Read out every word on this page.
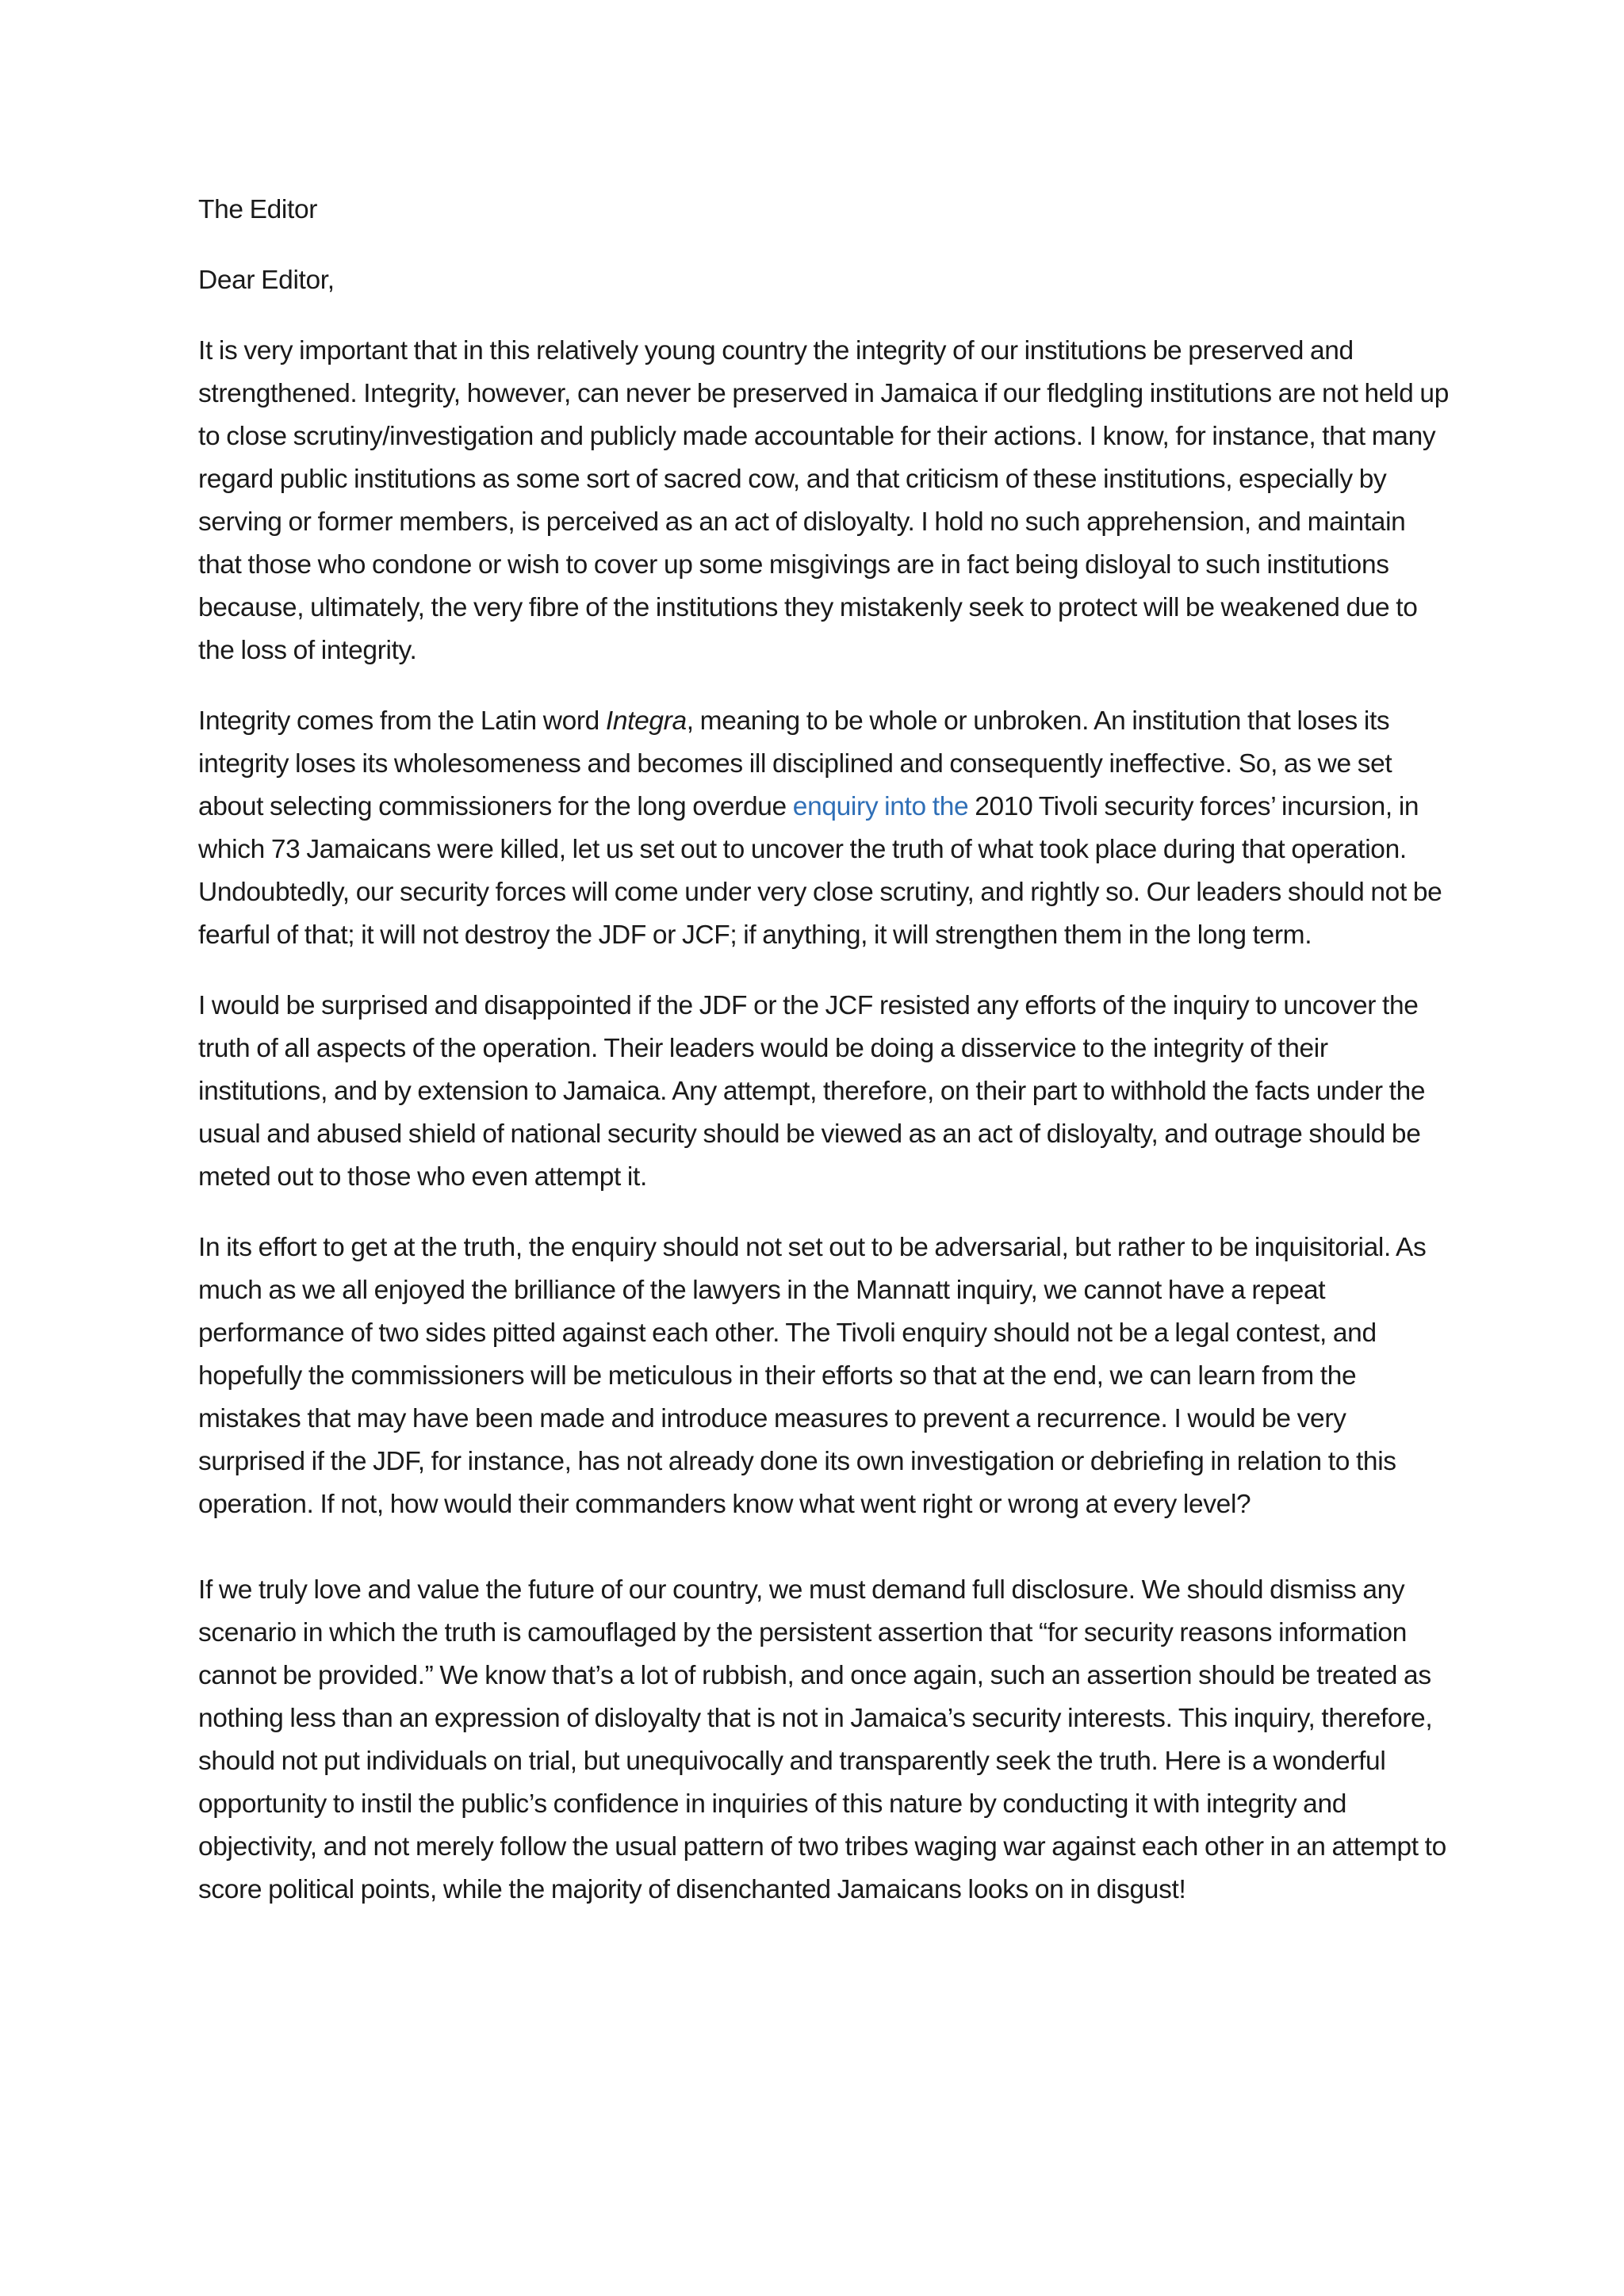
The Editor

Dear Editor,

It is very important that in this relatively young country the integrity of our institutions be preserved and strengthened. Integrity, however, can never be preserved in Jamaica if our fledgling institutions are not held up to close scrutiny/investigation and publicly made accountable for their actions. I know, for instance, that many regard public institutions as some sort of sacred cow, and that criticism of these institutions, especially by serving or former members, is perceived as an act of disloyalty. I hold no such apprehension, and maintain that those who condone or wish to cover up some misgivings are in fact being disloyal to such institutions because, ultimately, the very fibre of the institutions they mistakenly seek to protect will be weakened due to the loss of integrity.

Integrity comes from the Latin word Integra, meaning to be whole or unbroken. An institution that loses its integrity loses its wholesomeness and becomes ill disciplined and consequently ineffective. So, as we set about selecting commissioners for the long overdue enquiry into the 2010 Tivoli security forces’ incursion, in which 73 Jamaicans were killed, let us set out to uncover the truth of what took place during that operation. Undoubtedly, our security forces will come under very close scrutiny, and rightly so. Our leaders should not be fearful of that; it will not destroy the JDF or JCF; if anything, it will strengthen them in the long term.

I would be surprised and disappointed if the JDF or the JCF resisted any efforts of the inquiry to uncover the truth of all aspects of the operation. Their leaders would be doing a disservice to the integrity of their institutions, and by extension to Jamaica. Any attempt, therefore, on their part to withhold the facts under the usual and abused shield of national security should be viewed as an act of disloyalty, and outrage should be meted out to those who even attempt it.

In its effort to get at the truth, the enquiry should not set out to be adversarial, but rather to be inquisitorial. As much as we all enjoyed the brilliance of the lawyers in the Mannatt inquiry, we cannot have a repeat performance of two sides pitted against each other. The Tivoli enquiry should not be a legal contest, and hopefully the commissioners will be meticulous in their efforts so that at the end, we can learn from the mistakes that may have been made and introduce measures to prevent a recurrence. I would be very surprised if the JDF, for instance, has not already done its own investigation or debriefing in relation to this operation. If not, how would their commanders know what went right or wrong at every level?

If we truly love and value the future of our country, we must demand full disclosure. We should dismiss any scenario in which the truth is camouflaged by the persistent assertion that “for security reasons information cannot be provided.” We know that’s a lot of rubbish, and once again, such an assertion should be treated as nothing less than an expression of disloyalty that is not in Jamaica’s security interests. This inquiry, therefore, should not put individuals on trial, but unequivocally and transparently seek the truth. Here is a wonderful opportunity to instil the public’s confidence in inquiries of this nature by conducting it with integrity and objectivity, and not merely follow the usual pattern of two tribes waging war against each other in an attempt to score political points, while the majority of disenchanted Jamaicans looks on in disgust!
